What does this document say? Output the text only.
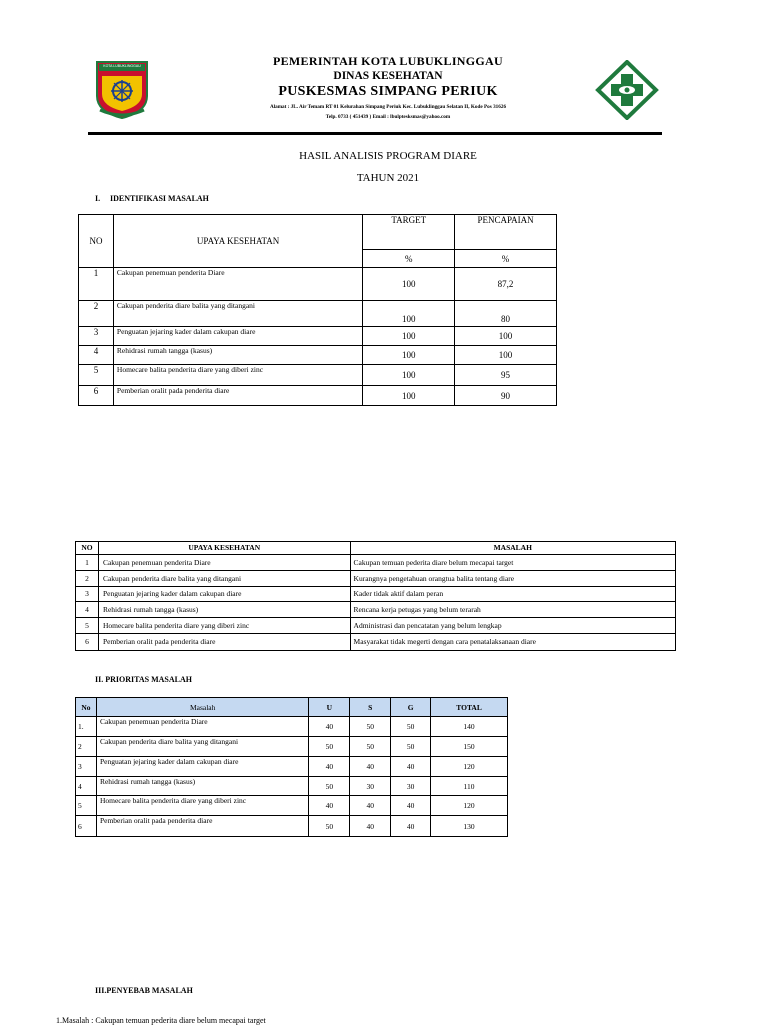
KOTA LUBUKLINGGAU	PEMERINTAH KOTA LUBUKLINGGAU
DINAS KESEHATAN
PUSKESMAS SIMPANG PERIUK
Alamat : JL. Air Temam RT 01 Kelurahan Simpang Periuk Kec. Lubuklinggau Selatan II, Kode Pos 31626
Telp. 0733 ( 451439 ) Email : lbulptesksmas@yahoo.com
HASIL ANALISIS PROGRAM DIARE
TAHUN 2021
I. IDENTIFIKASI MASALAH
NO	UPAYA KESEHATAN	TARGET	PENCAPAIAN
		%	%
1	Cakupan penemuan penderita Diare	100	87,2
2	Cakupan penderita diare balita yang ditangani	100	80
3	Penguatan jejaring kader dalam cakupan diare	100	100
4	Rehidrasi rumah tangga (kasus)	100	100
5	Homecare balita penderita diare yang diberi zinc	100	95
6	Pemberian oralit pada penderita diare	100	90
NO	UPAYA KESEHATAN	MASALAH
1	Cakupan penemuan penderita Diare	Cakupan temuan pederita diare belum mecapai target
2	Cakupan penderita diare balita yang ditangani	Kurangnya pengetahuan orangtua balita tentang diare
3	Penguatan jejaring kader dalam cakupan diare	Kader tidak aktif dalam peran
4	Rehidrasi rumah tangga (kasus)	Rencana kerja petugas yang belum terarah
5	Homecare balita penderita diare yang diberi zinc	Administrasi dan pencatatan yang belum lengkap
6	Pemberian oralit pada penderita diare	Masyarakat tidak megerti dengan cara penatalaksanaan diare
II. PRIORITAS MASALAH
No	Masalah	U	S	G	TOTAL
1.	Cakupan penemuan penderita Diare	40	50	50	140
2	Cakupan penderita diare balita yang ditangani	50	50	50	150
3	Penguatan jejaring kader dalam cakupan diare	40	40	40	120
4	Rehidrasi rumah tangga (kasus)	50	30	30	110
5	Homecare balita penderita diare yang diberi zinc	40	40	40	120
6	Pemberian oralit pada penderita diare	50	40	40	130
III.PENYEBAB MASALAH
1.Masalah : Cakupan temuan pederita diare belum mecapai target
